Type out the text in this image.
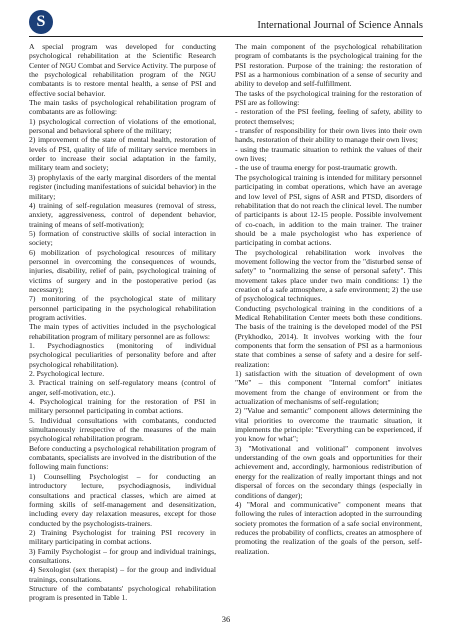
S	International Journal of Science Annals

A special program was developed for conducting psychological rehabilitation at the Scientific Research Center of NGU Combat and Service Activity. The purpose of the psychological rehabilitation program of the NGU combatants is to restore mental health, a sense of PSI and effective social behavior.

The main tasks of psychological rehabilitation program of combatants are as following:

1) psychological correction of violations of the emotional, personal and behavioral sphere of the military;

2) improvement of the state of mental health, restoration of levels of PSI, quality of life of military service members in order to increase their social adaptation in the family, military team and society;

3) prophylaxis of the early marginal disorders of the mental register (including manifestations of suicidal behavior) in the military;

4) training of self-regulation measures (removal of stress, anxiety, aggressiveness, control of dependent behavior, training of means of self-motivation);

5) formation of constructive skills of social interaction in society;

6) mobilization of psychological resources of military personnel in overcoming the consequences of wounds, injuries, disability, relief of pain, psychological training of victims of surgery and in the postoperative period (as necessary);

7) monitoring of the psychological state of military personnel participating in the psychological rehabilitation program activities.

The main types of activities included in the psychological rehabilitation program of military personnel are as follows:

1. Psychodiagnostics (monitoring of individual psychological peculiarities of personality before and after psychological rehabilitation).

2. Psychological lecture.

3. Practical training on self-regulatory means (control of anger, self-motivation, etc.).

4. Psychological training for the restoration of PSI in military personnel participating in combat actions.

5. Individual consultations with combatants, conducted simultaneously irrespective of the measures of the main psychological rehabilitation program.

Before conducting a psychological rehabilitation program of combatants, specialists are involved in the distribution of the following main functions:

1) Counselling Psychologist – for conducting an introductory lecture, psychodiagnosis, individual consultations and practical classes, which are aimed at forming skills of self-management and desensitization, including every day relaxation measures, except for those conducted by the psychologists-trainers.

2) Training Psychologist for training PSI recovery in military participating in combat actions.

3) Family Psychologist – for group and individual trainings, consultations.

4) Sexologist (sex therapist) – for the group and individual trainings, consultations.

Structure of the combatants' psychological rehabilitation program is presented in Table 1.

The main component of the psychological rehabilitation program of combatants is the psychological training for the PSI restoration. Purpose of the training: the restoration of PSI as a harmonious combination of a sense of security and ability to develop and self-fulfillment.

The tasks of the psychological training for the restoration of PSI are as following:

- restoration of the PSI feeling, feeling of safety, ability to protect themselves;

- transfer of responsibility for their own lives into their own hands, restoration of their ability to manage their own lives;

- using the traumatic situation to rethink the values of their own lives;

- the use of trauma energy for post-traumatic growth.

The psychological training is intended for military personnel participating in combat operations, which have an average and low level of PSI, signs of ASR and PTSD, disorders of rehabilitation that do not reach the clinical level. The number of participants is about 12-15 people. Possible involvement of co-coach, in addition to the main trainer. The trainer should be a male psychologist who has experience of participating in combat actions.

The psychological rehabilitation work involves the movement following the vector from the "disturbed sense of safety" to "normalizing the sense of personal safety". This movement takes place under two main conditions: 1) the creation of a safe atmosphere, a safe environment; 2) the use of psychological techniques.

Conducting psychological training in the conditions of a Medical Rehabilitation Center meets both these conditions. The basis of the training is the developed model of the PSI (Prykhodko, 2014). It involves working with the four components that form the sensation of PSI as a harmonious state that combines a sense of safety and a desire for self-realization:

1) satisfaction with the situation of development of own "Me" – this component "Internal comfort" initiates movement from the change of environment or from the actualization of mechanisms of self-regulation;

2) "Value and semantic" component allows determining the vital priorities to overcome the traumatic situation, it implements the principle: "Everything can be experienced, if you know for what";

3) "Motivational and volitional" component involves understanding of the own goals and opportunities for their achievement and, accordingly, harmonious redistribution of energy for the realization of really important things and not dispersal of forces on the secondary things (especially in conditions of danger);

4) "Moral and communicative" component means that following the rules of interaction adopted in the surrounding society promotes the formation of a safe social environment, reduces the probability of conflicts, creates an atmosphere of promoting the realization of the goals of the person, self-realization.

36
